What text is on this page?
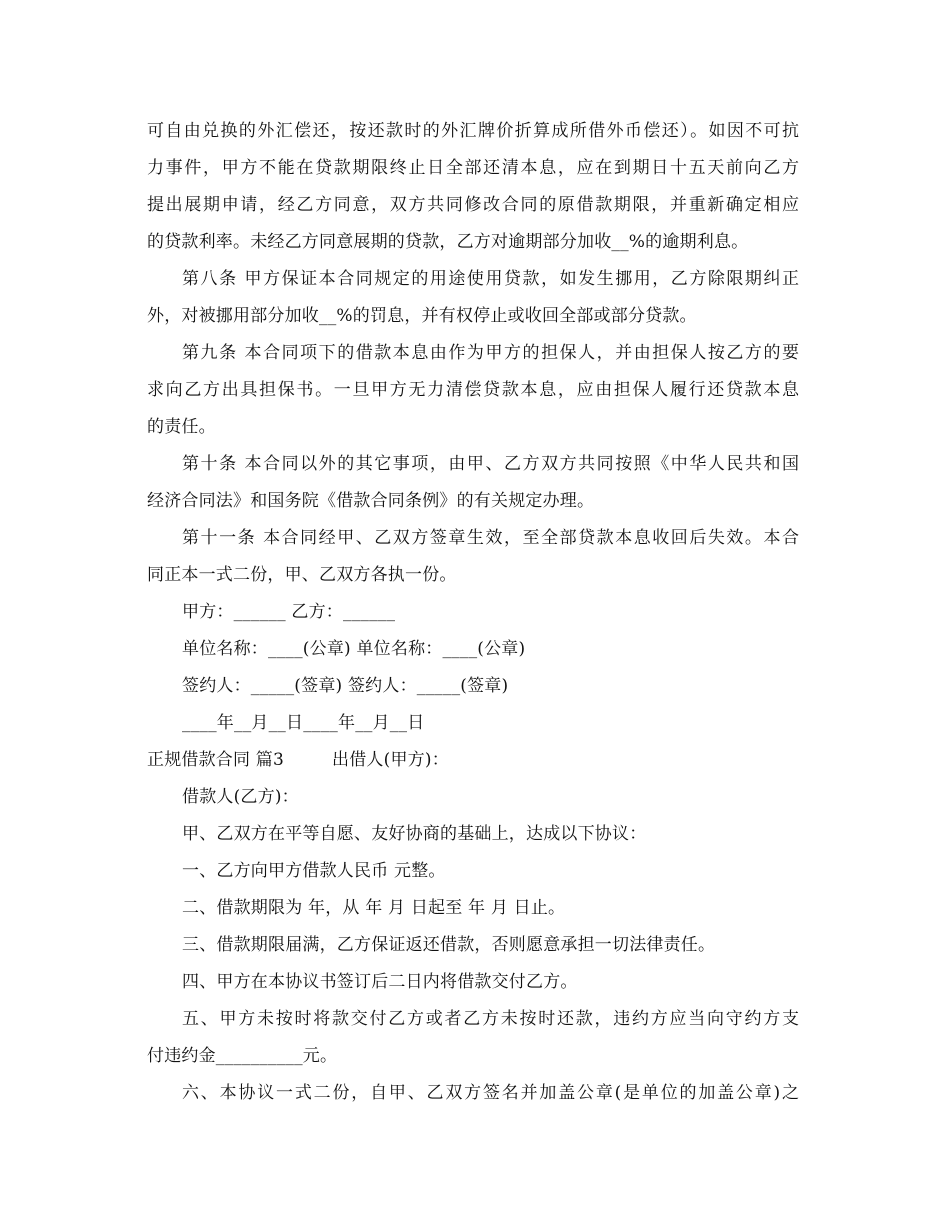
可自由兑换的外汇偿还，按还款时的外汇牌价折算成所借外币偿还）。如因不可抗
力事件，甲方不能在贷款期限终止日全部还清本息，应在到期日十五天前向乙方
提出展期申请，经乙方同意，双方共同修改合同的原借款期限，并重新确定相应
的贷款利率。未经乙方同意展期的贷款，乙方对逾期部分加收__%的逾期利息。
第八条 甲方保证本合同规定的用途使用贷款，如发生挪用，乙方除限期纠正
外，对被挪用部分加收__%的罚息，并有权停止或收回全部或部分贷款。
第九条 本合同项下的借款本息由作为甲方的担保人，并由担保人按乙方的要
求向乙方出具担保书。一旦甲方无力清偿贷款本息，应由担保人履行还贷款本息
的责任。
第十条 本合同以外的其它事项，由甲、乙方双方共同按照《中华人民共和国
经济合同法》和国务院《借款合同条例》的有关规定办理。
第十一条 本合同经甲、乙双方签章生效，至全部贷款本息收回后失效。本合
同正本一式二份，甲、乙双方各执一份。
甲方：______ 乙方：______
单位名称：____(公章) 单位名称：____(公章)
签约人：_____(签章) 签约人：_____(签章)
____年__月__日____年__月__日
正规借款合同 篇3	出借人(甲方)：
借款人(乙方)：
甲、乙双方在平等自愿、友好协商的基础上，达成以下协议：
一、乙方向甲方借款人民币 元整。
二、借款期限为 年，从 年 月 日起至 年 月 日止。
三、借款期限届满，乙方保证返还借款，否则愿意承担一切法律责任。
四、甲方在本协议书签订后二日内将借款交付乙方。
五、甲方未按时将款交付乙方或者乙方未按时还款，违约方应当向守约方支
付违约金__________元。
六、本协议一式二份，自甲、乙双方签名并加盖公章(是单位的加盖公章)之
